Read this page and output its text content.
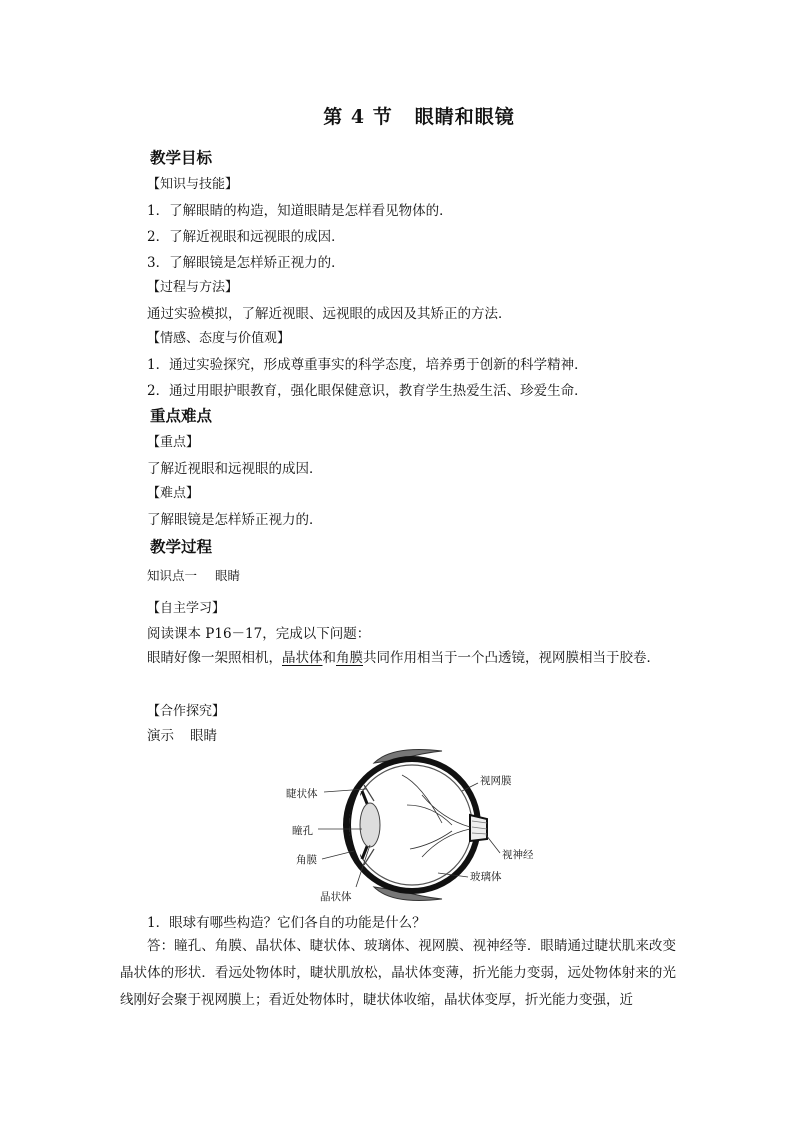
第 4 节 眼睛和眼镜
教学目标
【知识与技能】
1．了解眼睛的构造，知道眼睛是怎样看见物体的．
2．了解近视眼和远视眼的成因．
3．了解眼镜是怎样矫正视力的．
【过程与方法】
通过实验模拟，了解近视眼、远视眼的成因及其矫正的方法．
【情感、态度与价值观】
1．通过实验探究，形成尊重事实的科学态度，培养勇于创新的科学精神．
2．通过用眼护眼教育，强化眼保健意识，教育学生热爱生活、珍爱生命．
重点难点
【重点】
了解近视眼和远视眼的成因．
【难点】
了解眼镜是怎样矫正视力的．
教学过程
知识点一 眼睛
【自主学习】
阅读课本 P16－17，完成以下问题：
眼睛好像一架照相机，晶状体和角膜共同作用相当于一个凸透镜，视网膜相当于胶卷．
【合作探究】
演示 眼睛
睫状体
瞳孔
角膜
晶状体
视网膜
视神经
玻璃体
1．眼球有哪些构造？它们各自的功能是什么？
答：瞳孔、角膜、晶状体、睫状体、玻璃体、视网膜、视神经等．眼睛通过睫状肌来改变晶状体的形状．看远处物体时，睫状肌放松，晶状体变薄，折光能力变弱，远处物体射来的光线刚好会聚于视网膜上；看近处物体时，睫状体收缩，晶状体变厚，折光能力变强，近
